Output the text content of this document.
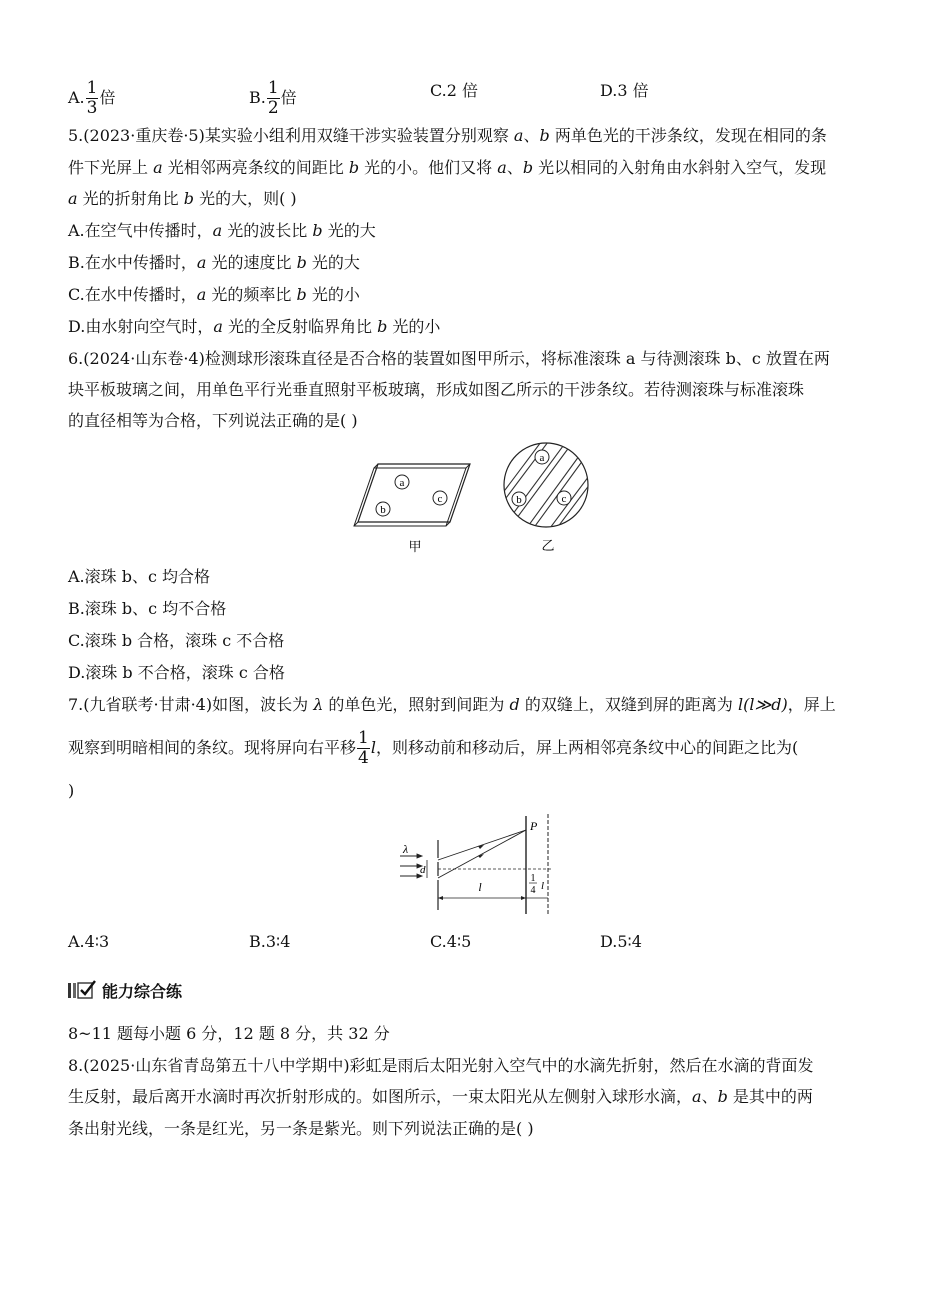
A. $\frac{1}{3}$ 倍	B. $\frac{1}{2}$ 倍	C.2 倍	D.3 倍
5.(2023·重庆卷·5)某实验小组利用双缝干涉实验装置分别观察 a、b 两单色光的干涉条纹，发现在相同的条
件下光屏上 a 光相邻两亮条纹的间距比 b 光的小。他们又将 a、b 光以相同的入射角由水斜射入空气，发现
a 光的折射角比 b 光的大，则( )
A.在空气中传播时，a 光的波长比 b 光的大
B.在水中传播时，a 光的速度比 b 光的大
C.在水中传播时，a 光的频率比 b 光的小
D.由水射向空气时，a 光的全反射临界角比 b 光的小
6.(2024·山东卷·4)检测球形滚珠直径是否合格的装置如图甲所示，将标准滚珠 a 与待测滚珠 b、c 放置在两
块平板玻璃之间，用单色平行光垂直照射平板玻璃，形成如图乙所示的干涉条纹。若待测滚珠与标准滚珠
的直径相等为合格，下列说法正确的是( )
a
c
b
甲
a
b	c
乙
A.滚珠 b、c 均合格
B.滚珠 b、c 均不合格
C.滚珠 b 合格，滚珠 c 不合格
D.滚珠 b 不合格，滚珠 c 合格
7.(九省联考·甘肃·4)如图，波长为 λ 的单色光，照射到间距为 d 的双缝上，双缝到屏的距离为 l(l≫d)，屏上
观察到明暗相间的条纹。现将屏向右平移 $\frac{1}{4}$ l，则移动前和移动后，屏上两相邻亮条纹中心的间距之比为(
)
λ
d
P
l
1
4 l
A.4∶3	B.3∶4	C.4∶5	D.5∶4
能力综合练
8~11 题每小题 6 分，12 题 8 分，共 32 分
8.(2025·山东省青岛第五十八中学期中)彩虹是雨后太阳光射入空气中的水滴先折射，然后在水滴的背面发
生反射，最后离开水滴时再次折射形成的。如图所示，一束太阳光从左侧射入球形水滴，a、b 是其中的两
条出射光线，一条是红光，另一条是紫光。则下列说法正确的是( )
